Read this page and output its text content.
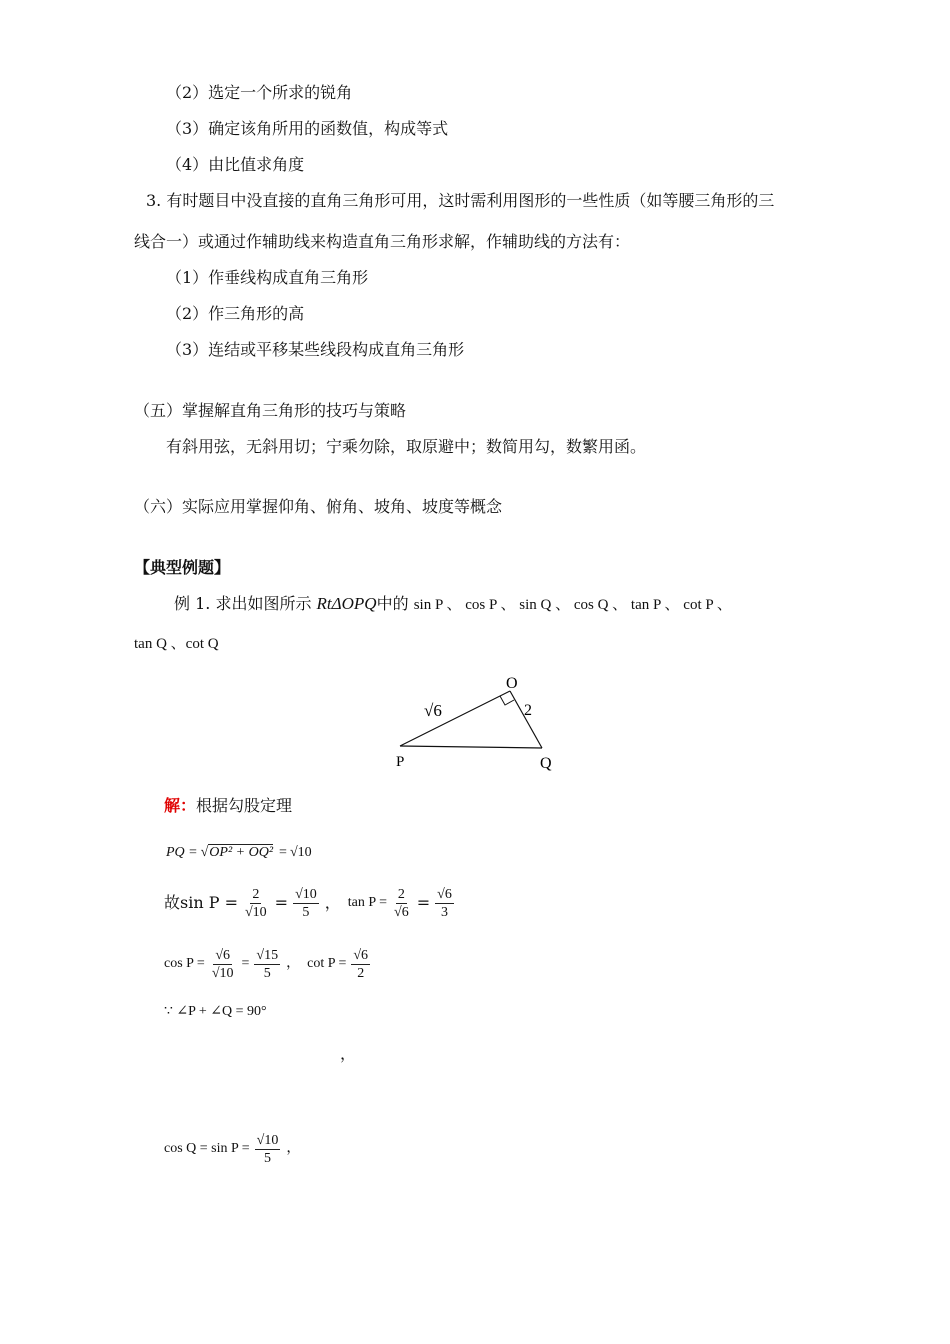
（2）选定一个所求的锐角
（3）确定该角所用的函数值，构成等式
（4）由比值求角度
3. 有时题目中没直接的直角三角形可用，这时需利用图形的一些性质（如等腰三角形的三
线合一）或通过作辅助线来构造直角三角形求解，作辅助线的方法有：
（1）作垂线构成直角三角形
（2）作三角形的高
（3）连结或平移某些线段构成直角三角形
（五）掌握解直角三角形的技巧与策略
有斜用弦，无斜用切；宁乘勿除，取原避中；数简用勾，数繁用函。
（六）实际应用掌握仰角、俯角、坡角、坡度等概念
【典型例题】
例 1. 求出如图所示 RtΔOPQ中的 sin P 、 cos P 、 sin Q 、 cos Q 、 tan P 、 cot P 、
tan Q 、cot Q
O
P	Q
√6	2
解：根据勾股定理
PQ = √OP² + OQ² = √10
故$\sin P = \frac{2}{√10} = \frac{√10}{5}$ ， $\tan P = \frac{2}{√6} = \frac{√6}{3}$
$\cos P = \frac{√6}{√10} = \frac{√15}{5}$ ， $\cot P = \frac{√6}{2}$
∵ ∠P + ∠Q = 90°
，
$\cos Q = \sin P = \frac{√10}{5}$ ，
